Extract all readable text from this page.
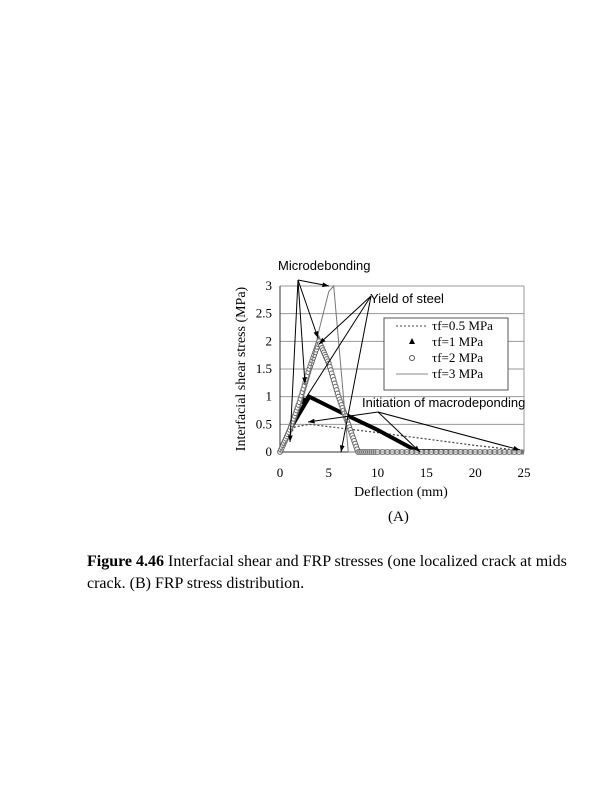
0
0.5
1
1.5
2
2.5
3
0	5	10	15	20	25
Microdebonding
Yield of steel
Initiation of macrodeponding
Deflection (mm)
Interfacial shear stress (MPa)	τf=0.5 MPa
τf=1 MPa
τf=2 MPa
τf=3 MPa
(A)
Figure 4.46 Interfacial shear and FRP stresses (one localized crack at mids
crack. (B) FRP stress distribution.
